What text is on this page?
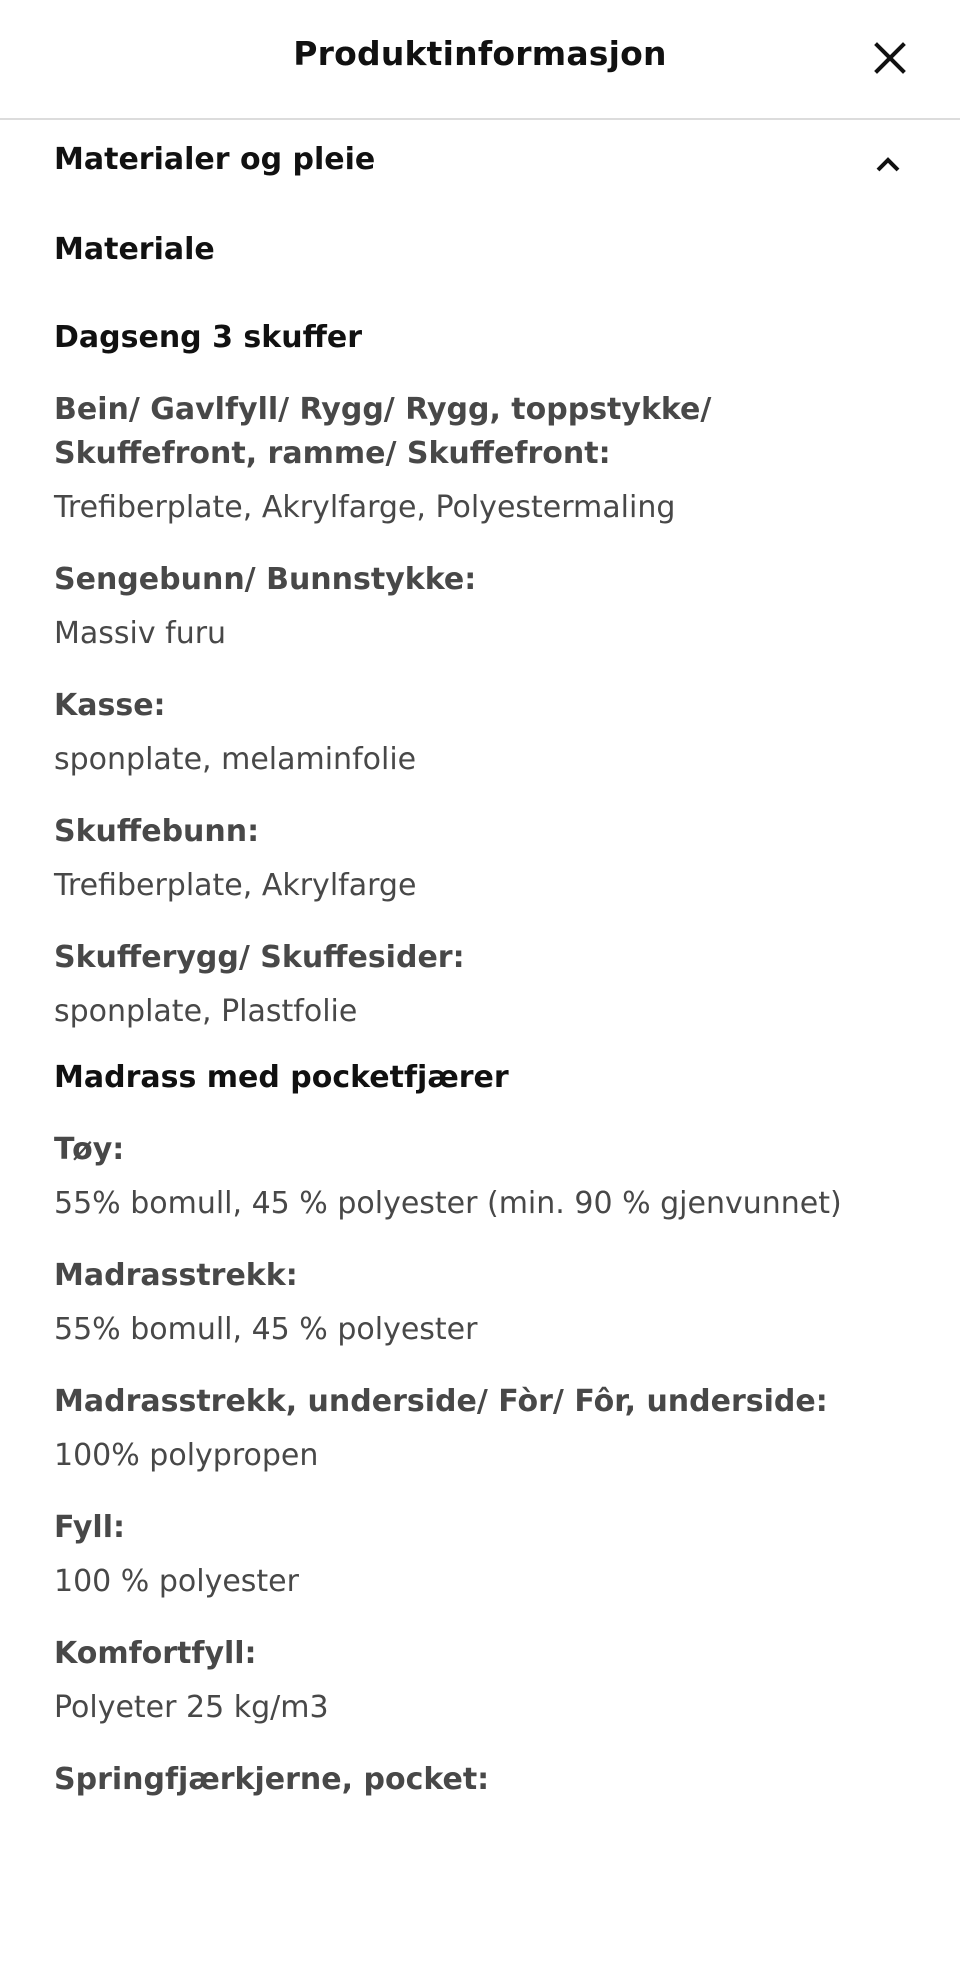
Produktinformasjon
Materialer og pleie
Materiale
Dagseng 3 skuffer
Bein/ Gavlfyll/ Rygg/ Rygg, toppstykke/ Skuffefront, ramme/ Skuffefront:
Trefiberplate, Akrylfarge, Polyestermaling
Sengebunn/ Bunnstykke:
Massiv furu
Kasse:
sponplate, melaminfolie
Skuffebunn:
Trefiberplate, Akrylfarge
Skufferygg/ Skuffesider:
sponplate, Plastfolie
Madrass med pocketfjærer
Tøy:
55% bomull, 45 % polyester (min. 90 % gjenvunnet)
Madrasstrekk:
55% bomull, 45 % polyester
Madrasstrekk, underside/ Fòr/ Fôr, underside:
100% polypropen
Fyll:
100 % polyester
Komfortfyll:
Polyeter 25 kg/m3
Springfjærkjerne, pocket:
